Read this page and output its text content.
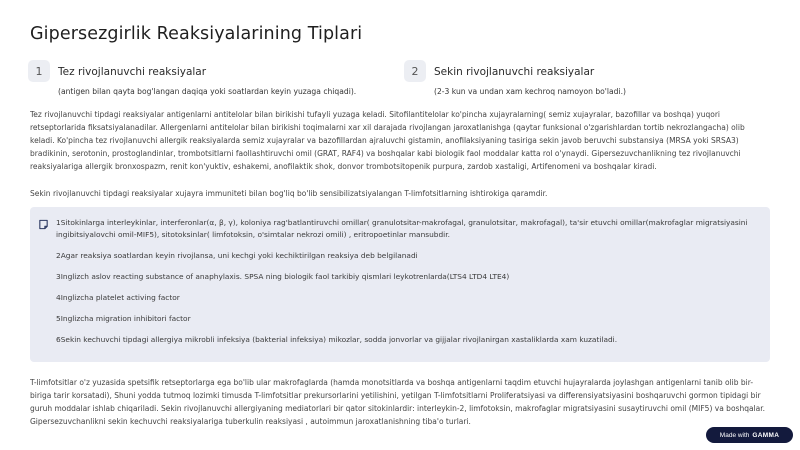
Gipersezgirlik Reaksiyalarining Tiplari
1	Tez rivojlanuvchi reaksiyalar
(antigen bilan qayta bog'langan daqiqa yoki soatlardan keyin yuzaga chiqadi).
2	Sekin rivojlanuvchi reaksiyalar
(2-3 kun va undan xam kechroq namoyon bo'ladi.)

Tez rivojlanuvchi tipdagi reaksiyalar antigenlarni antitelolar bilan birikishi tufayli yuzaga keladi. Sitofilantitelolar ko'pincha xujayralarning( semiz xujayralar, bazofillar va boshqa) yuqori retseptorlarida fiksatsiyalanadilar. Allergenlarni antitelolar bilan birikishi toqimalarni xar xil darajada rivojlangan jaroxatlanishga (qaytar funksional o'zgarishlardan tortib nekrozlangacha) olib keladi. Ko'pincha tez rivojlanuvchi allergik reaksiyalarda semiz xujayralar va bazofillardan ajraluvchi gistamin, anofilaksiyaning tasiriga sekin javob beruvchi substansiya (MRSA yoki SRSA3) bradikinin, serotonin, prostoglandinlar, trombotsitlarni faollashtiruvchi omil (GRAT, RAF4) va boshqalar kabi biologik faol moddalar katta rol o'ynaydi. Gipersezuvchanlikning tez rivojlanuvchi reaksiyalariga allergik bronxospazm, renit kon'yuktiv, eshakemi, anofilaktik shok, donvor trombotsitopenik purpura, zardob xastaligi, Artifenomeni va boshqalar kiradi.

Sekin rivojlanuvchi tipdagi reaksiyalar xujayra immuniteti bilan bog'liq bo'lib sensibilizatsiyalangan T-limfotsitlarning ishtirokiga qaramdir.

1Sitokinlarga interleykinlar, interferonlar(α, β, γ), koloniya rag'batlantiruvchi omillar( granulotsitar-makrofagal, granulotsitar, makrofagal), ta'sir etuvchi omillar(makrofaglar migratsiyasini ingibitsiyalovchi omil-MIF5), sitotoksinlar( limfotoksin, o'simtalar nekrozi omili) , eritropoetinlar mansubdir.
2Agar reaksiya soatlardan keyin rivojlansa, uni kechgi yoki kechiktirilgan reaksiya deb belgilanadi
3Inglizch aslov reacting substance of anaphylaxis. SPSA ning biologik faol tarkibiy qismlari leykotrenlarda(LTS4 LTD4 LTE4)
4Inglizcha platelet activing factor
5Inglizcha migration inhibitori factor
6Sekin kechuvchi tipdagi allergiya mikrobli infeksiya (bakterial infeksiya) mikozlar, sodda jonvorlar va gijjalar rivojlanirgan xastaliklarda xam kuzatiladi.

T-limfotsitlar o'z yuzasida spetsifik retseptorlarga ega bo'lib ular makrofaglarda (hamda monotsitlarda va boshqa antigenlarni taqdim etuvchi hujayralarda joylashgan antigenlarni tanib olib bir-biriga tarir korsatadi), Shuni yodda tutmoq lozimki timusda T-limfotsitlar prekursorlarini yetilishini, yetilgan T-limfotsitlarni Proliferatsiyasi va differensiyatsiyasini boshqaruvchi gormon tipidagi bir guruh moddalar ishlab chiqariladi. Sekin rivojlanuvchi allergiyaning mediatorlari bir qator sitokinlardir: interleykin-2, limfotoksin, makrofaglar migratsiyasini susaytiruvchi omil (MIF5) va boshqalar. Gipersezuvchanlikni sekin kechuvchi reaksiyalariga tuberkulin reaksiyasi , autoimmun jaroxatlanishning tiba'o turlari.

Made with GAMMA
